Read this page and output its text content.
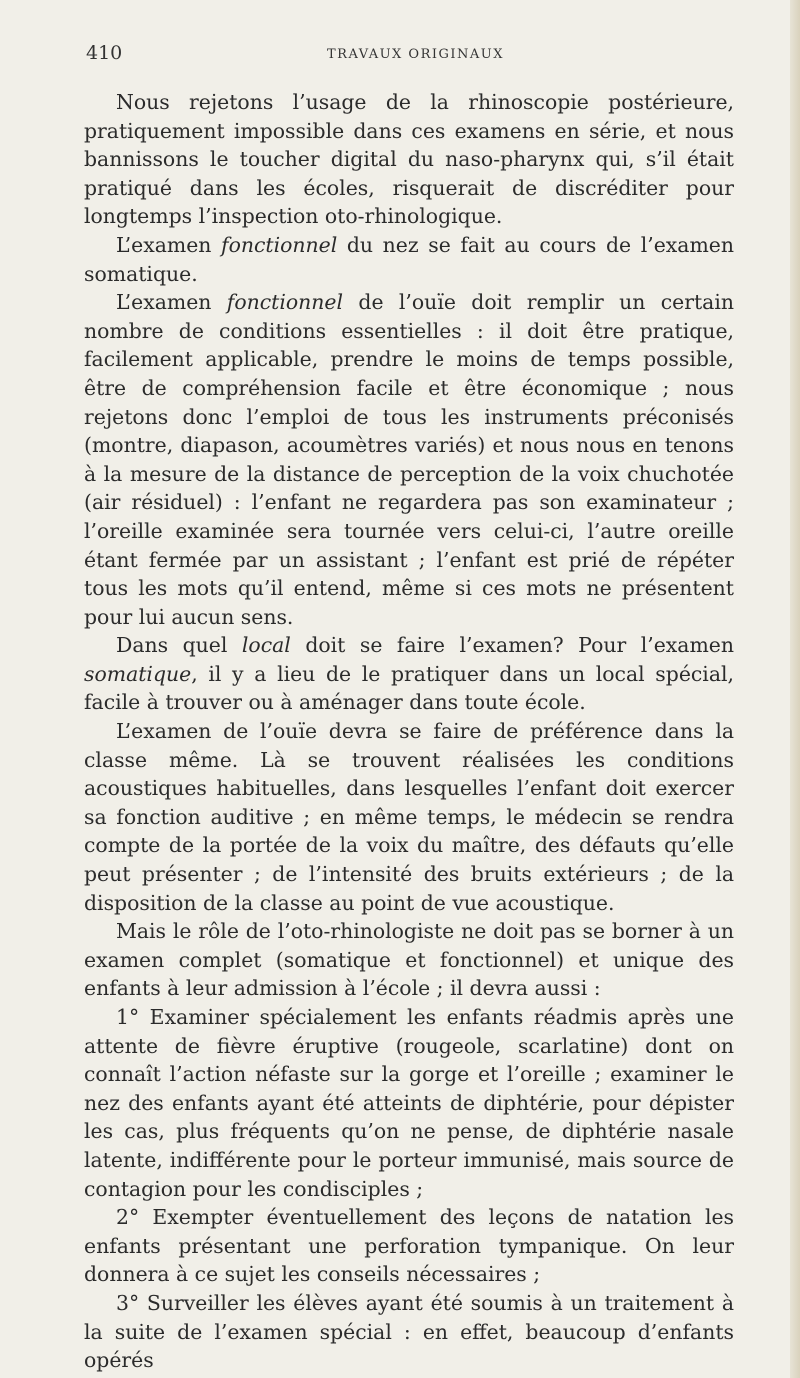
410	TRAVAUX ORIGINAUX

Nous rejetons l’usage de la rhinoscopie postérieure, pratiquement impossible dans ces examens en série, et nous bannissons le toucher digital du naso-pharynx qui, s’il était pratiqué dans les écoles, risquerait de discréditer pour longtemps l’inspection oto-rhinologique.

L’examen fonctionnel du nez se fait au cours de l’examen somatique.

L’examen fonctionnel de l’ouïe doit remplir un certain nombre de conditions essentielles : il doit être pratique, facilement applicable, prendre le moins de temps possible, être de compréhension facile et être économique ; nous rejetons donc l’emploi de tous les instruments préconisés (montre, diapason, acoumètres variés) et nous nous en tenons à la mesure de la distance de perception de la voix chuchotée (air résiduel) : l’enfant ne regardera pas son examinateur ; l’oreille examinée sera tournée vers celui-ci, l’autre oreille étant fermée par un assistant ; l’enfant est prié de répéter tous les mots qu’il entend, même si ces mots ne présentent pour lui aucun sens.

Dans quel local doit se faire l’examen? Pour l’examen somatique, il y a lieu de le pratiquer dans un local spécial, facile à trouver ou à aménager dans toute école.

L’examen de l’ouïe devra se faire de préférence dans la classe même. Là se trouvent réalisées les conditions acoustiques habituelles, dans lesquelles l’enfant doit exercer sa fonction auditive ; en même temps, le médecin se rendra compte de la portée de la voix du maître, des défauts qu’elle peut présenter ; de l’intensité des bruits extérieurs ; de la disposition de la classe au point de vue acoustique.

Mais le rôle de l’oto-rhinologiste ne doit pas se borner à un examen complet (somatique et fonctionnel) et unique des enfants à leur admission à l’école ; il devra aussi :

1° Examiner spécialement les enfants réadmis après une attente de fièvre éruptive (rougeole, scarlatine) dont on connaît l’action néfaste sur la gorge et l’oreille ; examiner le nez des enfants ayant été atteints de diphtérie, pour dépister les cas, plus fréquents qu’on ne pense, de diphtérie nasale latente, indifférente pour le porteur immunisé, mais source de contagion pour les condisciples ;

2° Exempter éventuellement des leçons de natation les enfants présentant une perforation tympanique. On leur donnera à ce sujet les conseils nécessaires ;

3° Surveiller les élèves ayant été soumis à un traitement à la suite de l’examen spécial : en effet, beaucoup d’enfants opérés
